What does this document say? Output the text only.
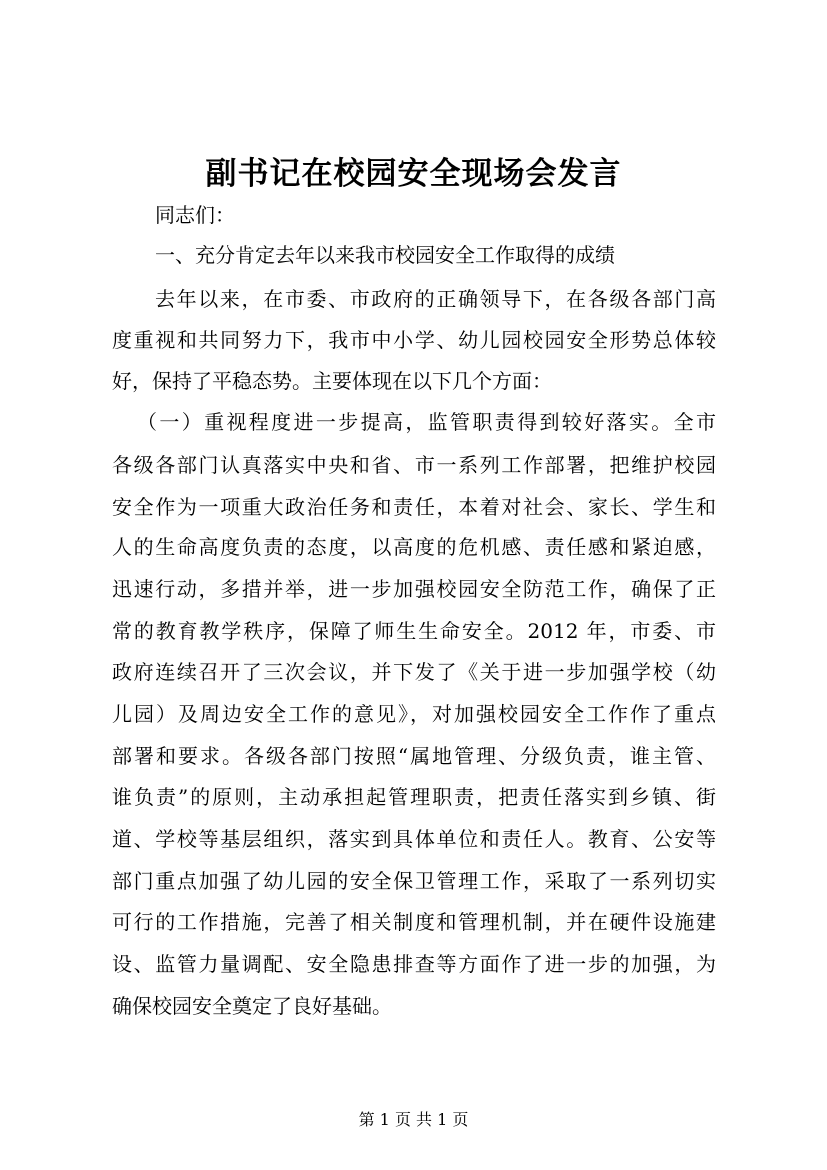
副书记在校园安全现场会发言
同志们：
一、充分肯定去年以来我市校园安全工作取得的成绩
去年以来，在市委、市政府的正确领导下，在各级各部门高
度重视和共同努力下，我市中小学、幼儿园校园安全形势总体较
好，保持了平稳态势。主要体现在以下几个方面：
（一）重视程度进一步提高，监管职责得到较好落实。全市
各级各部门认真落实中央和省、市一系列工作部署，把维护校园
安全作为一项重大政治任务和责任，本着对社会、家长、学生和
人的生命高度负责的态度，以高度的危机感、责任感和紧迫感，
迅速行动，多措并举，进一步加强校园安全防范工作，确保了正
常的教育教学秩序，保障了师生生命安全。2012 年，市委、市
政府连续召开了三次会议，并下发了《关于进一步加强学校（幼
儿园）及周边安全工作的意见》，对加强校园安全工作作了重点
部署和要求。各级各部门按照“属地管理、分级负责，谁主管、
谁负责”的原则，主动承担起管理职责，把责任落实到乡镇、街
道、学校等基层组织，落实到具体单位和责任人。教育、公安等
部门重点加强了幼儿园的安全保卫管理工作，采取了一系列切实
可行的工作措施，完善了相关制度和管理机制，并在硬件设施建
设、监管力量调配、安全隐患排查等方面作了进一步的加强，为
确保校园安全奠定了良好基础。
第 1 页 共 1 页
